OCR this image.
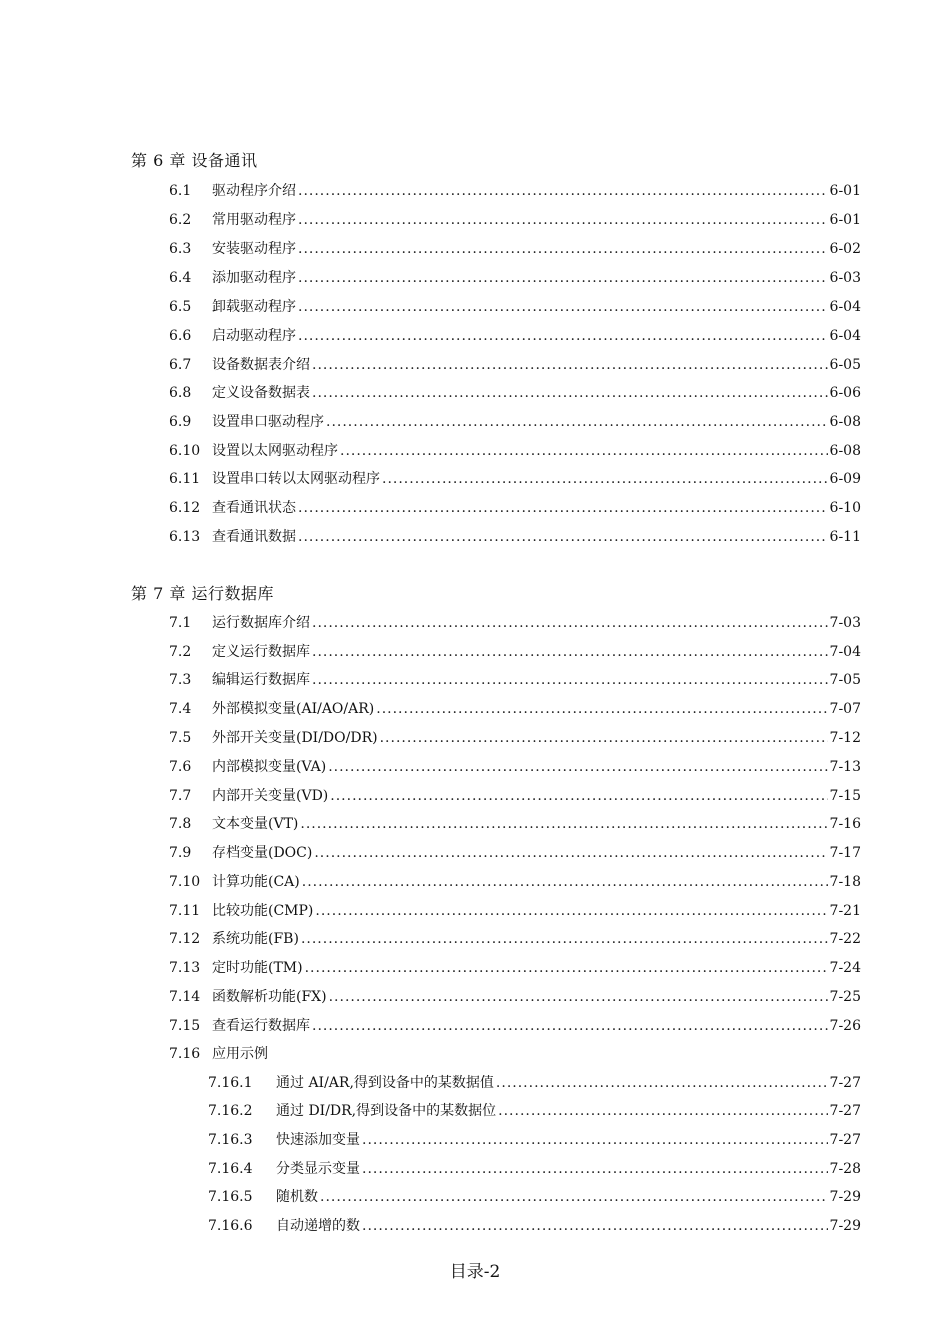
第 6 章 设备通讯
6.1	驱动程序介绍 .....	6-01
6.2	常用驱动程序 .....	6-01
6.3	安装驱动程序 .....	6-02
6.4	添加驱动程序 .....	6-03
6.5	卸载驱动程序 .....	6-04
6.6	启动驱动程序 .....	6-04
6.7	设备数据表介绍 .....	6-05
6.8	定义设备数据表 .....	6-06
6.9	设置串口驱动程序 .....	6-08
6.10 设置以太网驱动程序 .....	6-08
6.11 设置串口转以太网驱动程序 .....	6-09
6.12 查看通讯状态 .....	6-10
6.13 查看通讯数据 .....	6-11
第 7 章 运行数据库
7.1	运行数据库介绍 .....	7-03
7.2	定义运行数据库 .....	7-04
7.3	编辑运行数据库 .....	7-05
7.4	外部模拟变量(AI/AO/AR) .....	7-07
7.5	外部开关变量(DI/DO/DR) .....	7-12
7.6	内部模拟变量(VA) .....	7-13
7.7	内部开关变量(VD) .....	7-15
7.8	文本变量(VT) .....	7-16
7.9	存档变量(DOC) .....	7-17
7.10 计算功能(CA) .....	7-18
7.11 比较功能(CMP) .....	7-21
7.12 系统功能(FB) .....	7-22
7.13 定时功能(TM) .....	7-24
7.14 函数解析功能(FX) .....	7-25
7.15 查看运行数据库 .....	7-26
7.16 应用示例
7.16.1	通过 AI/AR,得到设备中的某数据值 .....	7-27
7.16.2	通过 DI/DR,得到设备中的某数据位 .....	7-27
7.16.3	快速添加变量 .....	7-27
7.16.4	分类显示变量 .....	7-28
7.16.5	随机数 .....	7-29
7.16.6	自动递增的数 .....	7-29
目录-2
